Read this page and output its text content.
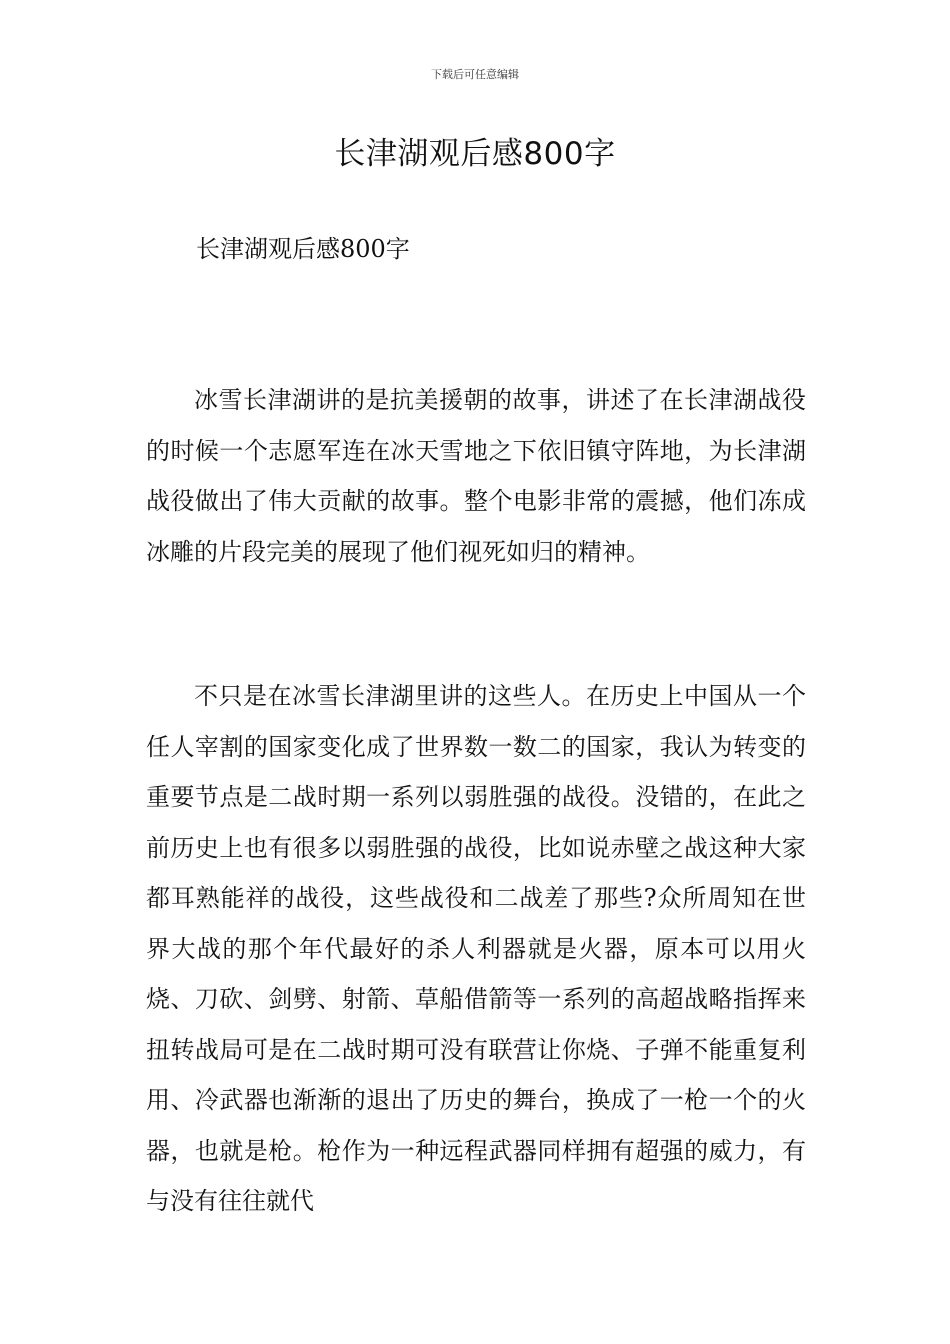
下载后可任意编辑
长津湖观后感800字
长津湖观后感800字

冰雪长津湖讲的是抗美援朝的故事，讲述了在长津湖战役的时候一个志愿军连在冰天雪地之下依旧镇守阵地，为长津湖战役做出了伟大贡献的故事。整个电影非常的震撼，他们冻成冰雕的片段完美的展现了他们视死如归的精神。

不只是在冰雪长津湖里讲的这些人。在历史上中国从一个任人宰割的国家变化成了世界数一数二的国家，我认为转变的重要节点是二战时期一系列以弱胜强的战役。没错的，在此之前历史上也有很多以弱胜强的战役，比如说赤壁之战这种大家都耳熟能祥的战役，这些战役和二战差了那些?众所周知在世界大战的那个年代最好的杀人利器就是火器，原本可以用火烧、刀砍、剑劈、射箭、草船借箭等一系列的高超战略指挥来扭转战局可是在二战时期可没有联营让你烧、子弹不能重复利用、冷武器也渐渐的退出了历史的舞台，换成了一枪一个的火器，也就是枪。枪作为一种远程武器同样拥有超强的威力，有与没有往往就代
